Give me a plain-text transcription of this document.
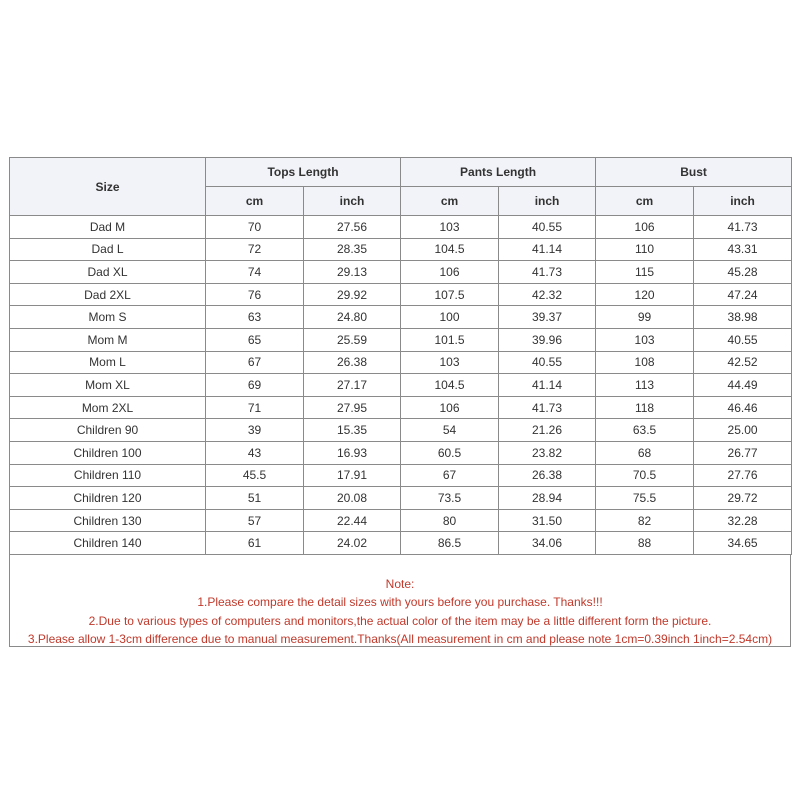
Size	Tops Length		Pants Length		Bust	
	cm	inch	cm	inch	cm	inch
Dad M	70	27.56	103	40.55	106	41.73
Dad L	72	28.35	104.5	41.14	110	43.31
Dad XL	74	29.13	106	41.73	115	45.28
Dad 2XL	76	29.92	107.5	42.32	120	47.24
Mom S	63	24.80	100	39.37	99	38.98
Mom M	65	25.59	101.5	39.96	103	40.55
Mom L	67	26.38	103	40.55	108	42.52
Mom XL	69	27.17	104.5	41.14	113	44.49
Mom 2XL	71	27.95	106	41.73	118	46.46
Children 90	39	15.35	54	21.26	63.5	25.00
Children 100	43	16.93	60.5	23.82	68	26.77
Children 110	45.5	17.91	67	26.38	70.5	27.76
Children 120	51	20.08	73.5	28.94	75.5	29.72
Children 130	57	22.44	80	31.50	82	32.28
Children 140	61	24.02	86.5	34.06	88	34.65
Note:
1.Please compare the detail sizes with yours before you purchase. Thanks!!!
2.Due to various types of computers and monitors,the actual color of the item may be a little different form the picture.
3.Please allow 1-3cm difference due to manual measurement.Thanks(All measurement in cm and please note 1cm=0.39inch 1inch=2.54cm)
